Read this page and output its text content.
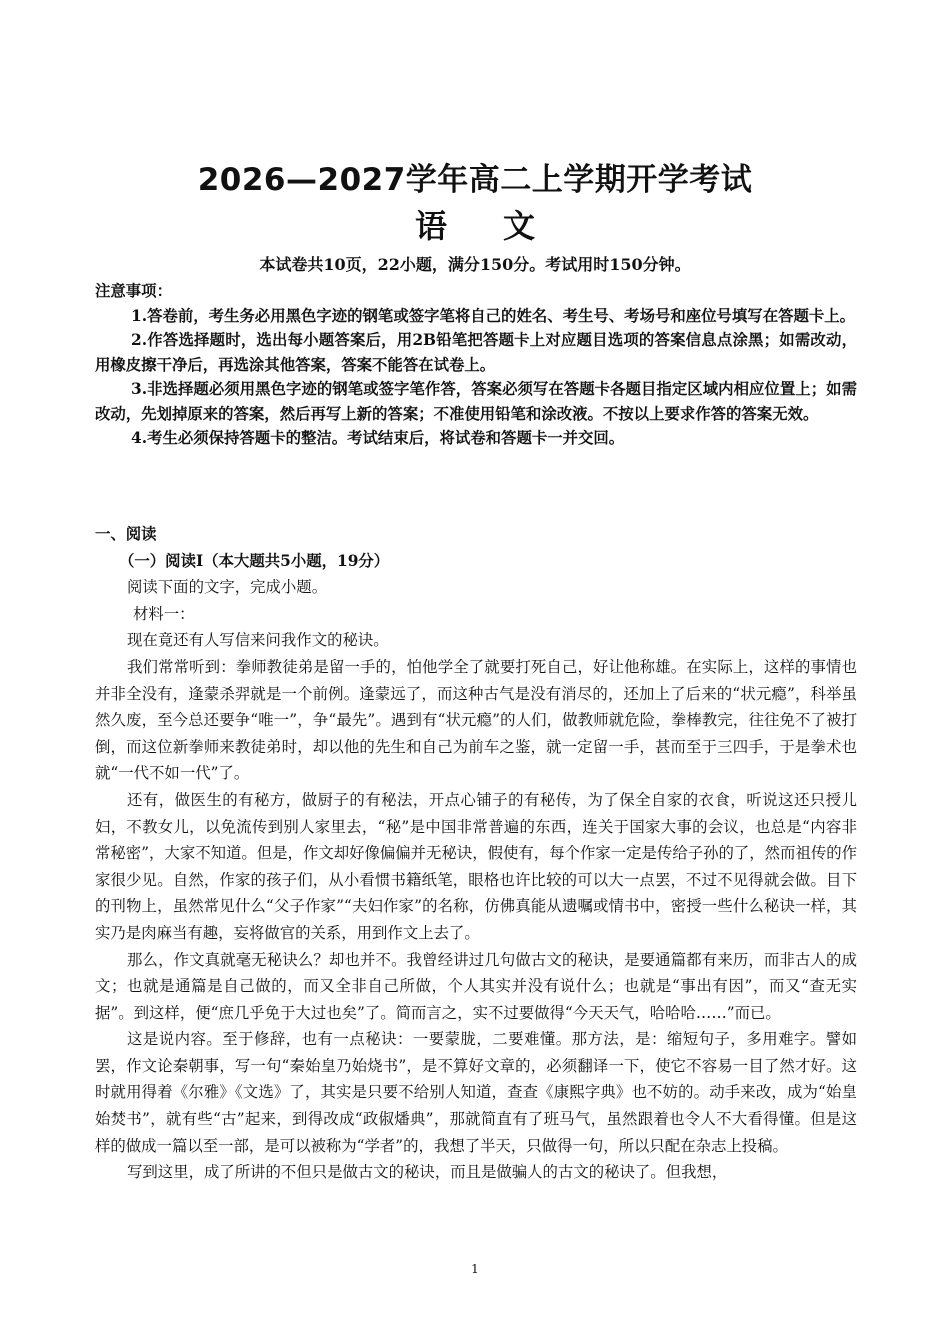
2026—2027学年高二上学期开学考试
语文
本试卷共10页，22小题，满分150分。考试用时150分钟。

注意事项：

1.答卷前，考生务必用黑色字迹的钢笔或签字笔将自己的姓名、考生号、考场号和座位号填写在答题卡上。

2.作答选择题时，选出每小题答案后，用2B铅笔把答题卡上对应题目选项的答案信息点涂黑；如需改动，用橡皮擦干净后，再选涂其他答案，答案不能答在试卷上。

3.非选择题必须用黑色字迹的钢笔或签字笔作答，答案必须写在答题卡各题目指定区域内相应位置上；如需改动，先划掉原来的答案，然后再写上新的答案；不准使用铅笔和涂改液。不按以上要求作答的答案无效。

4.考生必须保持答题卡的整洁。考试结束后，将试卷和答题卡一并交回。

一、阅读

（一）阅读Ⅰ（本大题共5小题，19分）

阅读下面的文字，完成小题。

材料一：

现在竟还有人写信来问我作文的秘诀。

我们常常听到：拳师教徒弟是留一手的，怕他学全了就要打死自己，好让他称雄。在实际上，这样的事情也并非全没有，逢蒙杀羿就是一个前例。逢蒙远了，而这种古气是没有消尽的，还加上了后来的“状元瘾”，科举虽然久废，至今总还要争“唯一”，争“最先”。遇到有“状元瘾”的人们，做教师就危险，拳棒教完，往往免不了被打倒，而这位新拳师来教徒弟时，却以他的先生和自己为前车之鉴，就一定留一手，甚而至于三四手，于是拳术也就“一代不如一代”了。

还有，做医生的有秘方，做厨子的有秘法，开点心铺子的有秘传，为了保全自家的衣食，听说这还只授儿妇，不教女儿，以免流传到别人家里去，“秘”是中国非常普遍的东西，连关于国家大事的会议，也总是“内容非常秘密”，大家不知道。但是，作文却好像偏偏并无秘诀，假使有，每个作家一定是传给子孙的了，然而祖传的作家很少见。自然，作家的孩子们，从小看惯书籍纸笔，眼格也许比较的可以大一点罢，不过不见得就会做。目下的刊物上，虽然常见什么“父子作家”“夫妇作家”的名称，仿佛真能从遗嘱或情书中，密授一些什么秘诀一样，其实乃是肉麻当有趣，妄将做官的关系，用到作文上去了。

那么，作文真就毫无秘诀么？却也并不。我曾经讲过几句做古文的秘诀，是要通篇都有来历，而非古人的成文；也就是通篇是自己做的，而又全非自己所做，个人其实并没有说什么；也就是“事出有因”，而又“查无实据”。到这样，便“庶几乎免于大过也矣”了。简而言之，实不过要做得“今天天气，哈哈哈……”而已。

这是说内容。至于修辞，也有一点秘诀：一要蒙胧，二要难懂。那方法，是：缩短句子，多用难字。譬如罢，作文论秦朝事，写一句“秦始皇乃始烧书”，是不算好文章的，必须翻译一下，使它不容易一目了然才好。这时就用得着《尔雅》《文选》了，其实是只要不给别人知道，查查《康熙字典》也不妨的。动手来改，成为“始皇始焚书”，就有些“古”起来，到得改成“政俶燔典”，那就简直有了班马气，虽然跟着也令人不大看得懂。但是这样的做成一篇以至一部，是可以被称为“学者”的，我想了半天，只做得一句，所以只配在杂志上投稿。

写到这里，成了所讲的不但只是做古文的秘诀，而且是做骗人的古文的秘诀了。但我想，

1
